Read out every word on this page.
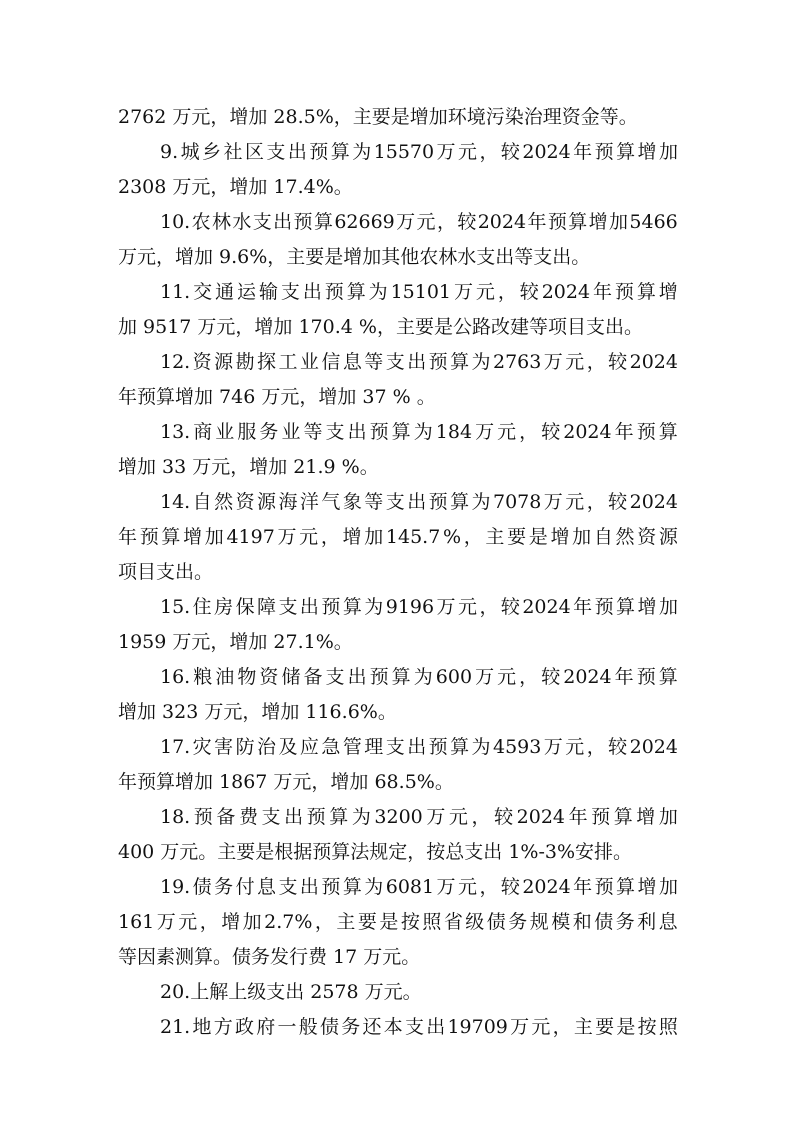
2762 万元，增加 28.5%，主要是增加环境污染治理资金等。
9. 城 乡 社 区 支 出 预 算 为 15570 万 元 ， 较 2024 年 预 算 增 加
2308 万元，增加 17.4%。
10. 农 林 水 支 出 预 算 62669 万 元 ， 较 2024 年 预 算 增 加 5466
万元，增加 9.6%，主要是增加其他农林水支出等支出。
11. 交 通 运 输 支 出 预 算 为 15101 万 元 ， 较 2024 年 预 算 增
加 9517 万元，增加 170.4 %，主要是公路改建等项目支出。
12. 资 源 勘 探 工 业 信 息 等 支 出 预 算 为 2763 万 元 ， 较 2024
年预算增加 746 万元，增加 37 % 。
13. 商 业 服 务 业 等 支 出 预 算 为 184 万 元 ， 较 2024 年 预 算
增加 33 万元，增加 21.9 %。
14. 自 然 资 源 海 洋 气 象 等 支 出 预 算 为 7078 万 元 ， 较 2024
年 预 算 增 加 4197 万 元 ， 增 加 145.7 % ， 主 要 是 增 加 自 然 资 源
项目支出。
15. 住 房 保 障 支 出 预 算 为 9196 万 元 ， 较 2024 年 预 算 增 加
1959 万元，增加 27.1%。
16. 粮 油 物 资 储 备 支 出 预 算 为 600 万 元 ， 较 2024 年 预 算
增加 323 万元，增加 116.6%。
17. 灾 害 防 治 及 应 急 管 理 支 出 预 算 为 4593 万 元 ， 较 2024
年预算增加 1867 万元，增加 68.5%。
18. 预 备 费 支 出 预 算 为 3200 万 元 ， 较 2024 年 预 算 增 加
400 万元。主要是根据预算法规定，按总支出 1%-3%安排。
19. 债 务 付 息 支 出 预 算 为 6081 万 元 ， 较 2024 年 预 算 增 加
161 万 元 ， 增 加 2.7% ， 主 要 是 按 照 省 级 债 务 规 模 和 债 务 利 息
等因素测算。债务发行费 17 万元。
20.上解上级支出 2578 万元。
21. 地 方 政 府 一 般 债 务 还 本 支 出 19709 万 元 ， 主 要 是 按 照
